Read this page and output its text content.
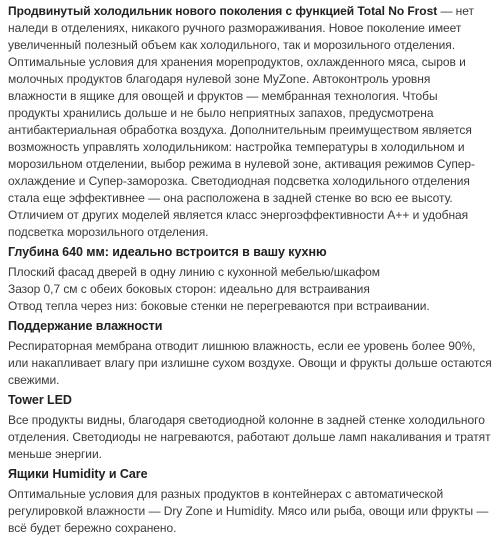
Продвинутый холодильник нового поколения с функцией Total No Frost — нет наледи в отделениях, никакого ручного размораживания. Новое поколение имеет увеличенный полезный объем как холодильного, так и морозильного отделения. Оптимальные условия для хранения морепродуктов, охлажденного мяса, сыров и молочных продуктов благодаря нулевой зоне MyZone. Автоконтроль уровня влажности в ящике для овощей и фруктов — мембранная технология. Чтобы продукты хранились дольше и не было неприятных запахов, предусмотрена антибактериальная обработка воздуха. Дополнительным преимуществом является возможность управлять холодильником: настройка температуры в холодильном и морозильном отделении, выбор режима в нулевой зоне, активация режимов Супер-охлаждение и Супер-заморозка. Светодиодная подсветка холодильного отделения стала еще эффективнее — она расположена в задней стенке во всю ее высоту. Отличием от других моделей является класс энергоэффективности A++ и удобная подсветка морозильного отделения.

Глубина 640 мм: идеально встроится в вашу кухню

Плоский фасад дверей в одну линию с кухонной мебелью/шкафом

Зазор 0,7 см с обеих боковых сторон: идеально для встраивания

Отвод тепла через низ: боковые стенки не перегреваются при встраивании.

Поддержание влажности

Респираторная мембрана отводит лишнюю влажность, если ее уровень более 90%, или накапливает влагу при излишне сухом воздухе. Овощи и фрукты дольше остаются свежими.

Tower LED

Все продукты видны, благодаря светодиодной колонне в задней стенке холодильного отделения. Светодиоды не нагреваются, работают дольше ламп накаливания и тратят меньше энергии.

Ящики Humidity и Care

Оптимальные условия для разных продуктов в контейнерах с автоматической регулировкой влажности — Dry Zone и Humidity. Мясо или рыба, овощи или фрукты — всё будет бережно сохранено.
